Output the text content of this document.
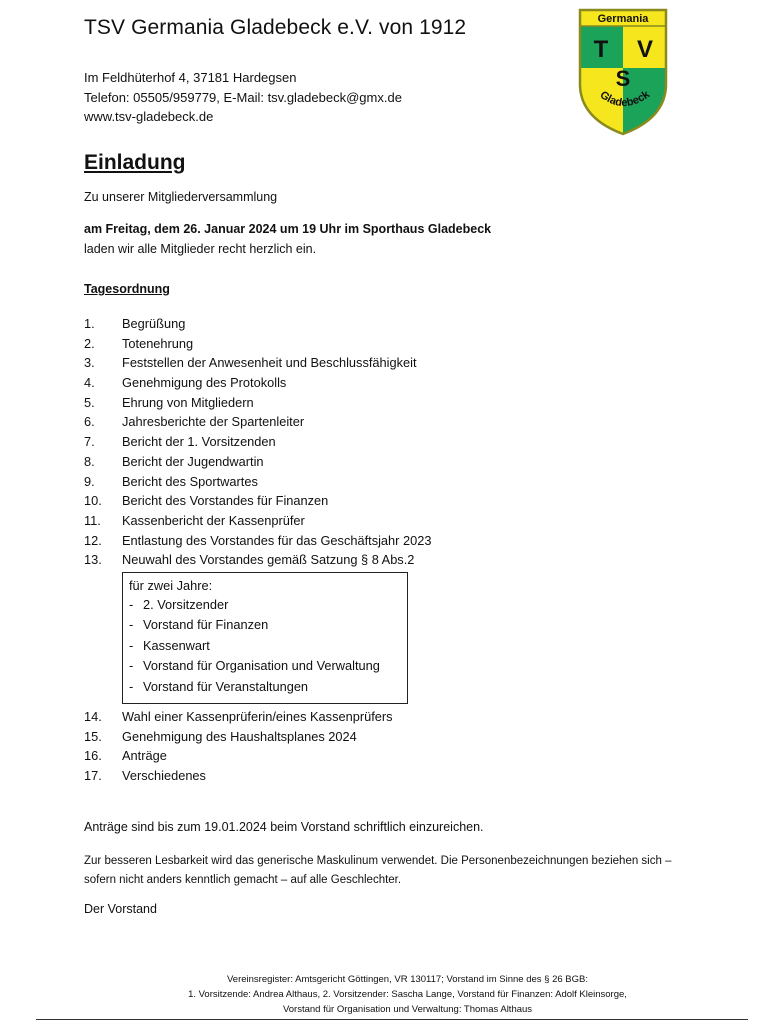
TSV Germania Gladebeck e.V. von 1912
Im Feldhüterhof 4, 37181 Hardegsen
Telefon: 05505/959779, E-Mail: tsv.gladebeck@gmx.de
www.tsv-gladebeck.de
Germania
T V
S
Gladebeck
Einladung
Zu unserer Mitgliederversammlung
am Freitag, dem 26. Januar 2024 um 19 Uhr im Sporthaus Gladebeck
laden wir alle Mitglieder recht herzlich ein.
Tagesordnung
1. Begrüßung
2. Totenehrung
3. Feststellen der Anwesenheit und Beschlussfähigkeit
4. Genehmigung des Protokolls
5. Ehrung von Mitgliedern
6. Jahresberichte der Spartenleiter
7. Bericht der 1. Vorsitzenden
8. Bericht der Jugendwartin
9. Bericht des Sportwartes
10. Bericht des Vorstandes für Finanzen
11. Kassenbericht der Kassenprüfer
12. Entlastung des Vorstandes für das Geschäftsjahr 2023
13. Neuwahl des Vorstandes gemäß Satzung § 8 Abs.2
für zwei Jahre:
- 2. Vorsitzender
- Vorstand für Finanzen
- Kassenwart
- Vorstand für Organisation und Verwaltung
- Vorstand für Veranstaltungen
14. Wahl einer Kassenprüferin/eines Kassenprüfers
15. Genehmigung des Haushaltsplanes 2024
16. Anträge
17. Verschiedenes
Anträge sind bis zum 19.01.2024 beim Vorstand schriftlich einzureichen.
Zur besseren Lesbarkeit wird das generische Maskulinum verwendet. Die Personenbezeichnungen beziehen sich – sofern nicht anders kenntlich gemacht – auf alle Geschlechter.
Der Vorstand
Vereinsregister: Amtsgericht Göttingen, VR 130117; Vorstand im Sinne des § 26 BGB:
1. Vorsitzende: Andrea Althaus, 2. Vorsitzender: Sascha Lange, Vorstand für Finanzen: Adolf Kleinsorge,
Vorstand für Organisation und Verwaltung: Thomas Althaus
